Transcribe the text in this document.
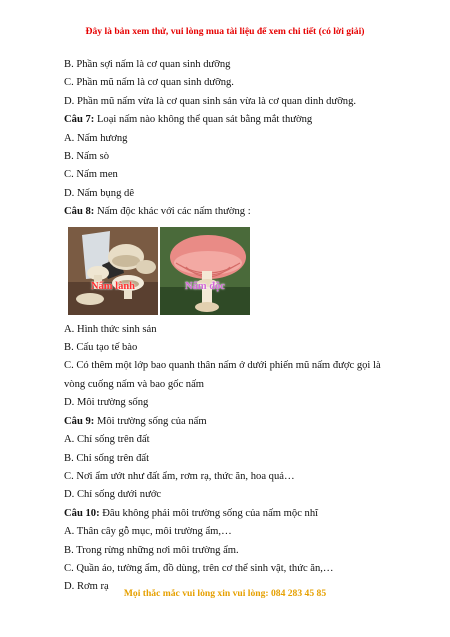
Đây là bản xem thử, vui lòng mua tài liệu để xem chi tiết (có lời giải)
B. Phần sợi nấm là cơ quan sinh dưỡng
C. Phần mũ nấm là cơ quan sinh dưỡng.
D. Phần mũ nấm vừa là cơ quan sinh sản vừa là cơ quan dinh dưỡng.
Câu 7: Loại nấm nào không thể quan sát bằng mắt thường
A. Nấm hương
B. Nấm sò
C. Nấm men
D. Nấm bụng dê
Câu 8: Nấm độc khác với các nấm thường :
Nấm lành	Nấm độc
A. Hình thức sinh sản
B. Cấu tạo tế bào
C. Có thêm một lớp bao quanh thân nấm ở dưới phiến mũ nấm được gọi là
vòng cuống nấm và bao gốc nấm
D. Môi trường sống
Câu 9: Môi trường sống của nấm
A. Chỉ sống trên đất
B. Chỉ sống trên đất
C. Nơi ẩm ướt như đất ẩm, rơm rạ, thức ăn, hoa quả…
D. Chỉ sống dưới nước
Câu 10: Đâu không phải môi trường sống của nấm mộc nhĩ
A. Thân cây gỗ mục, môi trường ẩm,…
B. Trong rừng những nơi môi trường ẩm.
C. Quần áo, tường ẩm, đồ dùng, trên cơ thể sinh vật, thức ăn,…
D. Rơm rạ
Mọi thắc mắc vui lòng xin vui lòng: 084 283 45 85
